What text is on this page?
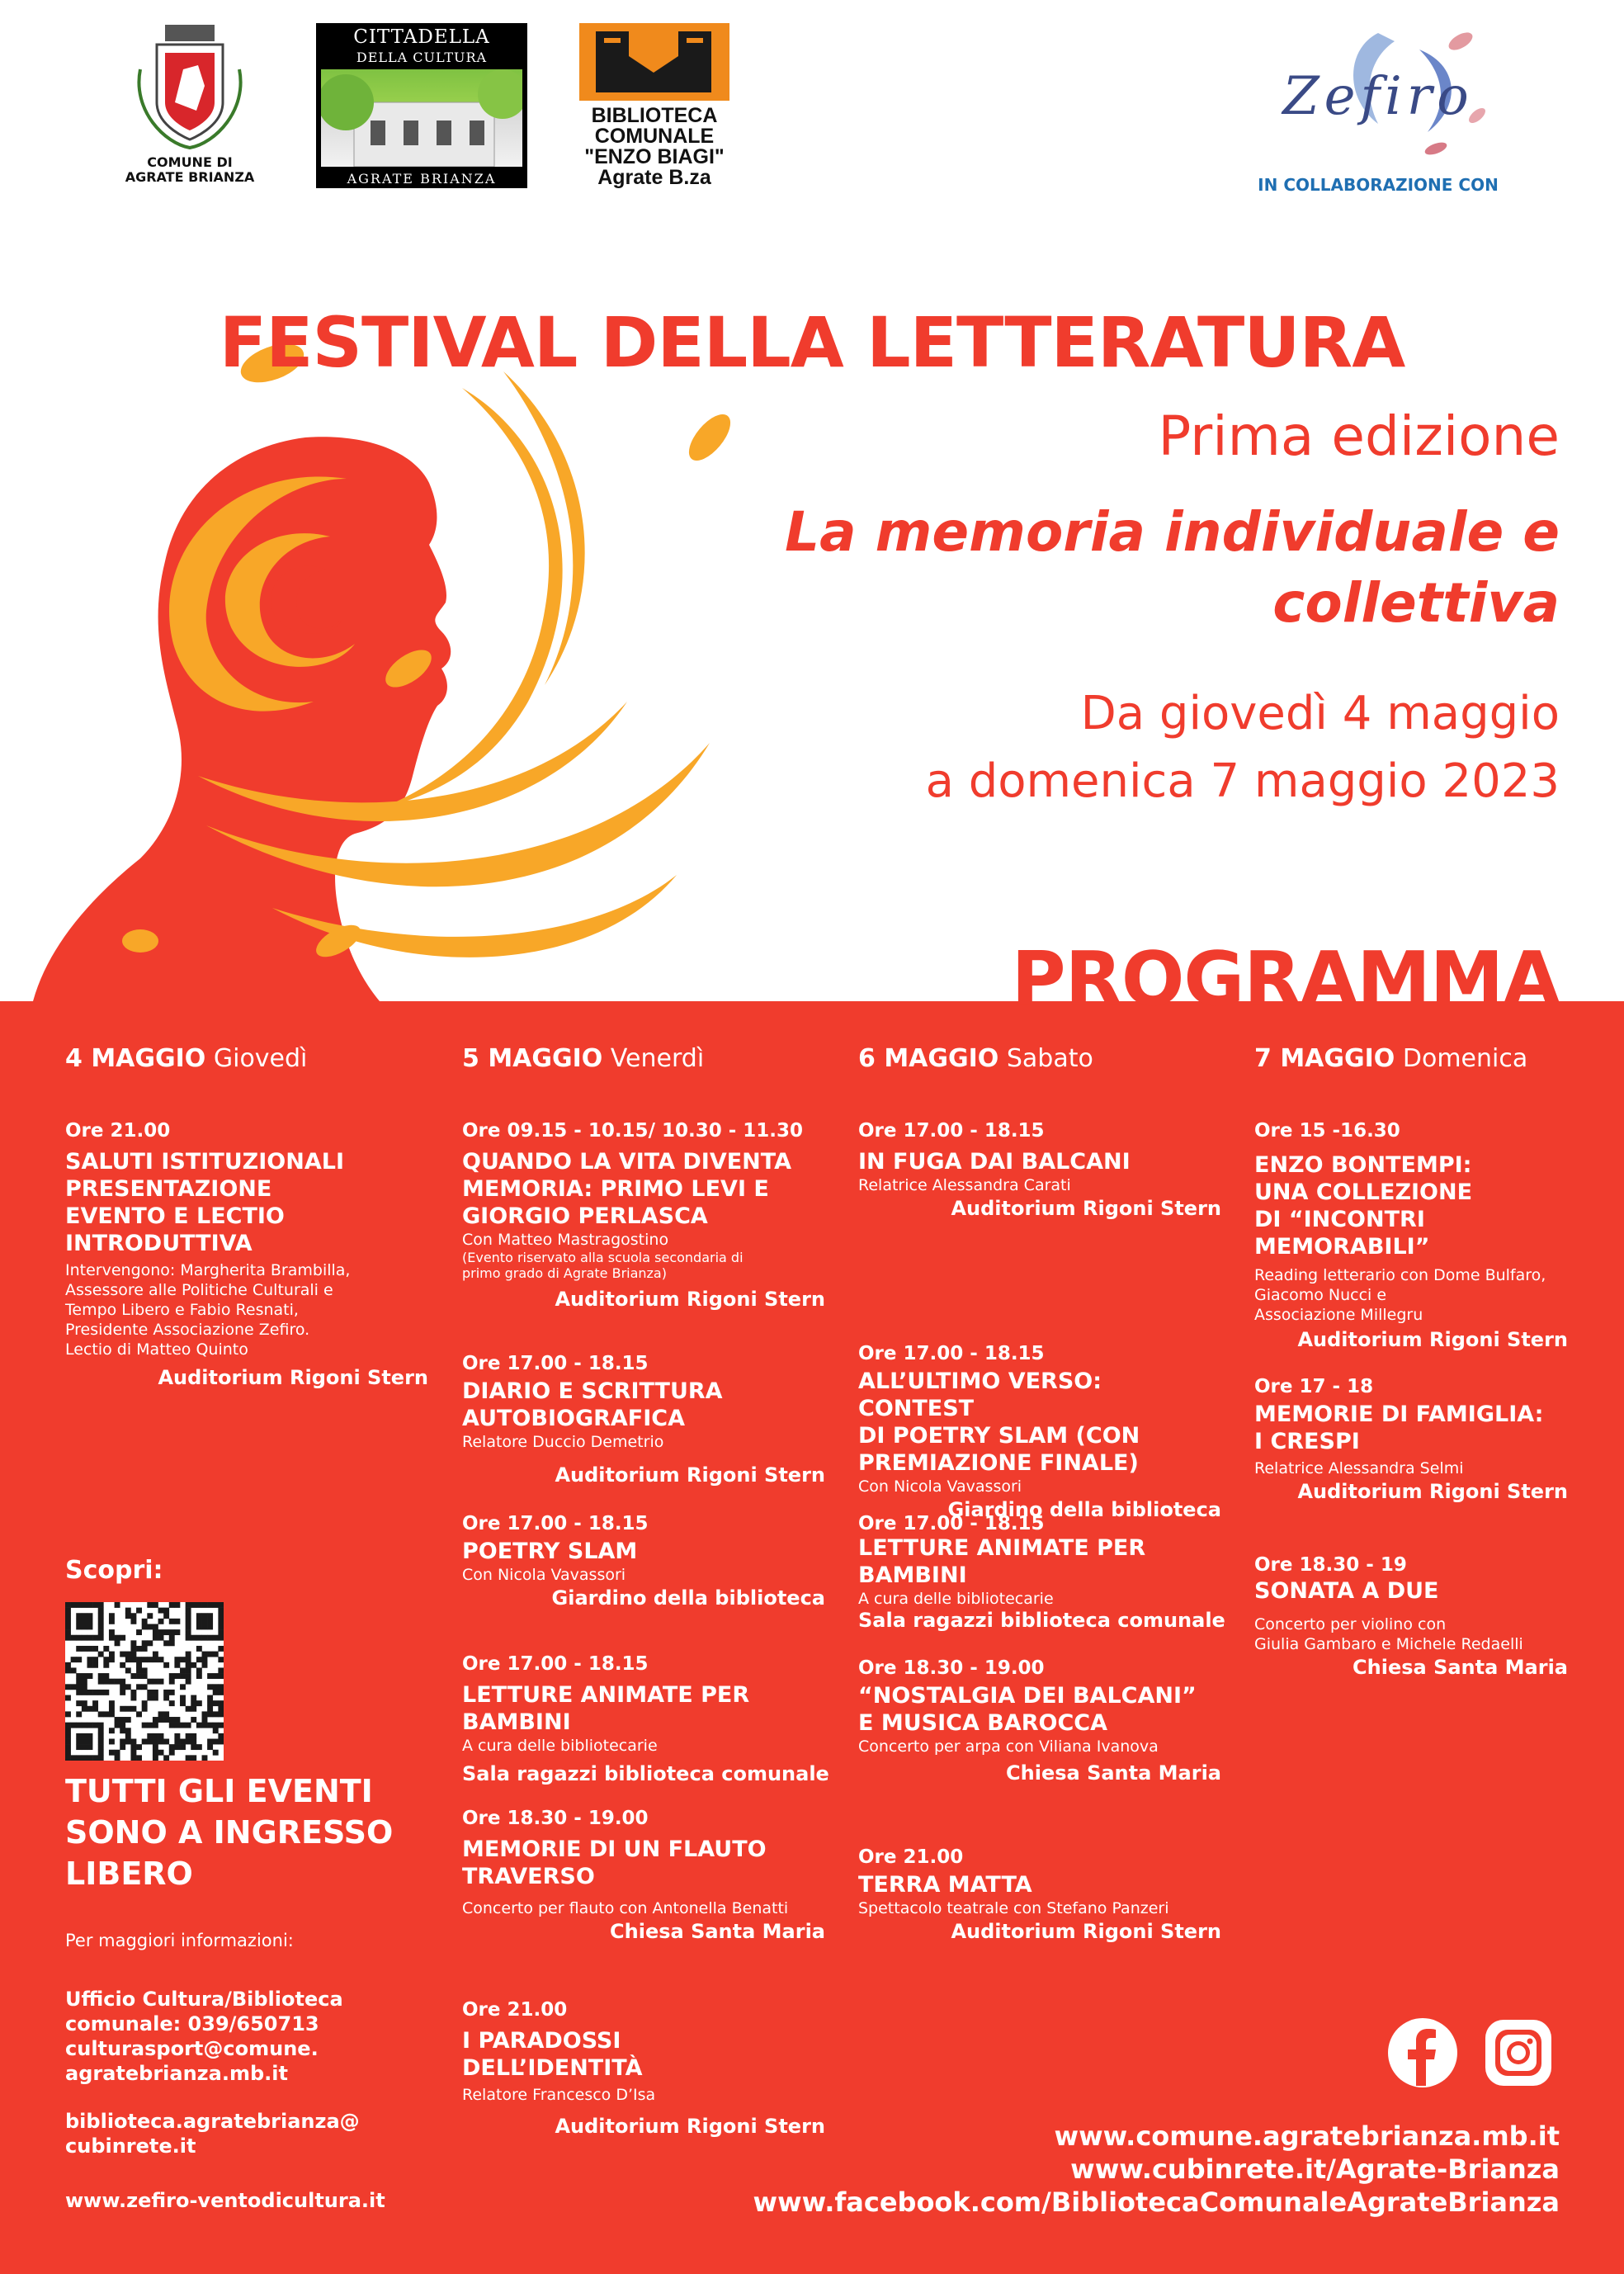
COMUNE DI
AGRATE BRIANZA
CITTADELLA
DELLA CULTURA
AGRATE BRIANZA
BIBLIOTECA
COMUNALE
"ENZO BIAGI"
Agrate B.za
Zefiro
IN COLLABORAZIONE CON
FESTIVAL DELLA LETTERATURA
Prima edizione
La memoria individuale e
collettiva
Da giovedì 4 maggio
a domenica 7 maggio 2023
PROGRAMMA
4 MAGGIO Giovedì
Ore 21.00
SALUTI ISTITUZIONALI
PRESENTAZIONE
EVENTO E LECTIO
INTRODUTTIVA
Intervengono: Margherita Brambilla,
Assessore alle Politiche Culturali e
Tempo Libero e Fabio Resnati,
Presidente Associazione Zefiro.
Lectio di Matteo Quinto
Auditorium Rigoni Stern
5 MAGGIO Venerdì
Ore 09.15 - 10.15/ 10.30 - 11.30
QUANDO LA VITA DIVENTA
MEMORIA: PRIMO LEVI E
GIORGIO PERLASCA
Con Matteo Mastragostino
(Evento riservato alla scuola secondaria di
primo grado di Agrate Brianza)
Auditorium Rigoni Stern
Ore 17.00 - 18.15
DIARIO E SCRITTURA
AUTOBIOGRAFICA
Relatore Duccio Demetrio
Auditorium Rigoni Stern
Ore 17.00 - 18.15
POETRY SLAM
Con Nicola Vavassori
Giardino della biblioteca
Ore 17.00 - 18.15
LETTURE ANIMATE PER
BAMBINI
A cura delle bibliotecarie
Sala ragazzi biblioteca comunale
Ore 18.30 - 19.00
MEMORIE DI UN FLAUTO
TRAVERSO
Concerto per flauto con Antonella Benatti
Chiesa Santa Maria
Ore 21.00
I PARADOSSI
DELL’IDENTITÀ
Relatore Francesco D’Isa
Auditorium Rigoni Stern
6 MAGGIO Sabato
Ore 17.00 - 18.15
IN FUGA DAI BALCANI
Relatrice Alessandra Carati
Auditorium Rigoni Stern
Ore 17.00 - 18.15
ALL’ULTIMO VERSO: CONTEST
DI POETRY SLAM (CON
PREMIAZIONE FINALE)
Con Nicola Vavassori
Giardino della biblioteca
Ore 17.00 - 18.15
LETTURE ANIMATE PER
BAMBINI
A cura delle bibliotecarie
Sala ragazzi biblioteca comunale
Ore 18.30 - 19.00
“NOSTALGIA DEI BALCANI”
E MUSICA BAROCCA
Concerto per arpa con Viliana Ivanova
Chiesa Santa Maria
Ore 21.00
TERRA MATTA
Spettacolo teatrale con Stefano Panzeri
Auditorium Rigoni Stern
7 MAGGIO Domenica
Ore 15 -16.30
ENZO BONTEMPI:
UNA COLLEZIONE
DI “INCONTRI
MEMORABILI”
Reading letterario con Dome Bulfaro,
Giacomo Nucci e
Associazione Millegru
Auditorium Rigoni Stern
Ore 17 - 18
MEMORIE DI FAMIGLIA:
I CRESPI
Relatrice Alessandra Selmi
Auditorium Rigoni Stern
Ore 18.30 - 19
SONATA A DUE
Concerto per violino con
Giulia Gambaro e Michele Redaelli
Chiesa Santa Maria
Scopri:
TUTTI GLI EVENTI
SONO A INGRESSO
LIBERO
Per maggiori informazioni:
Ufficio Cultura/Biblioteca
comunale: 039/650713
culturasport@comune.
agratebrianza.mb.it
biblioteca.agratebrianza@
cubinrete.it
www.zefiro-ventodicultura.it
www.comune.agratebrianza.mb.it
www.cubinrete.it/Agrate-Brianza
www.facebook.com/BibliotecaComunaleAgrateBrianza
